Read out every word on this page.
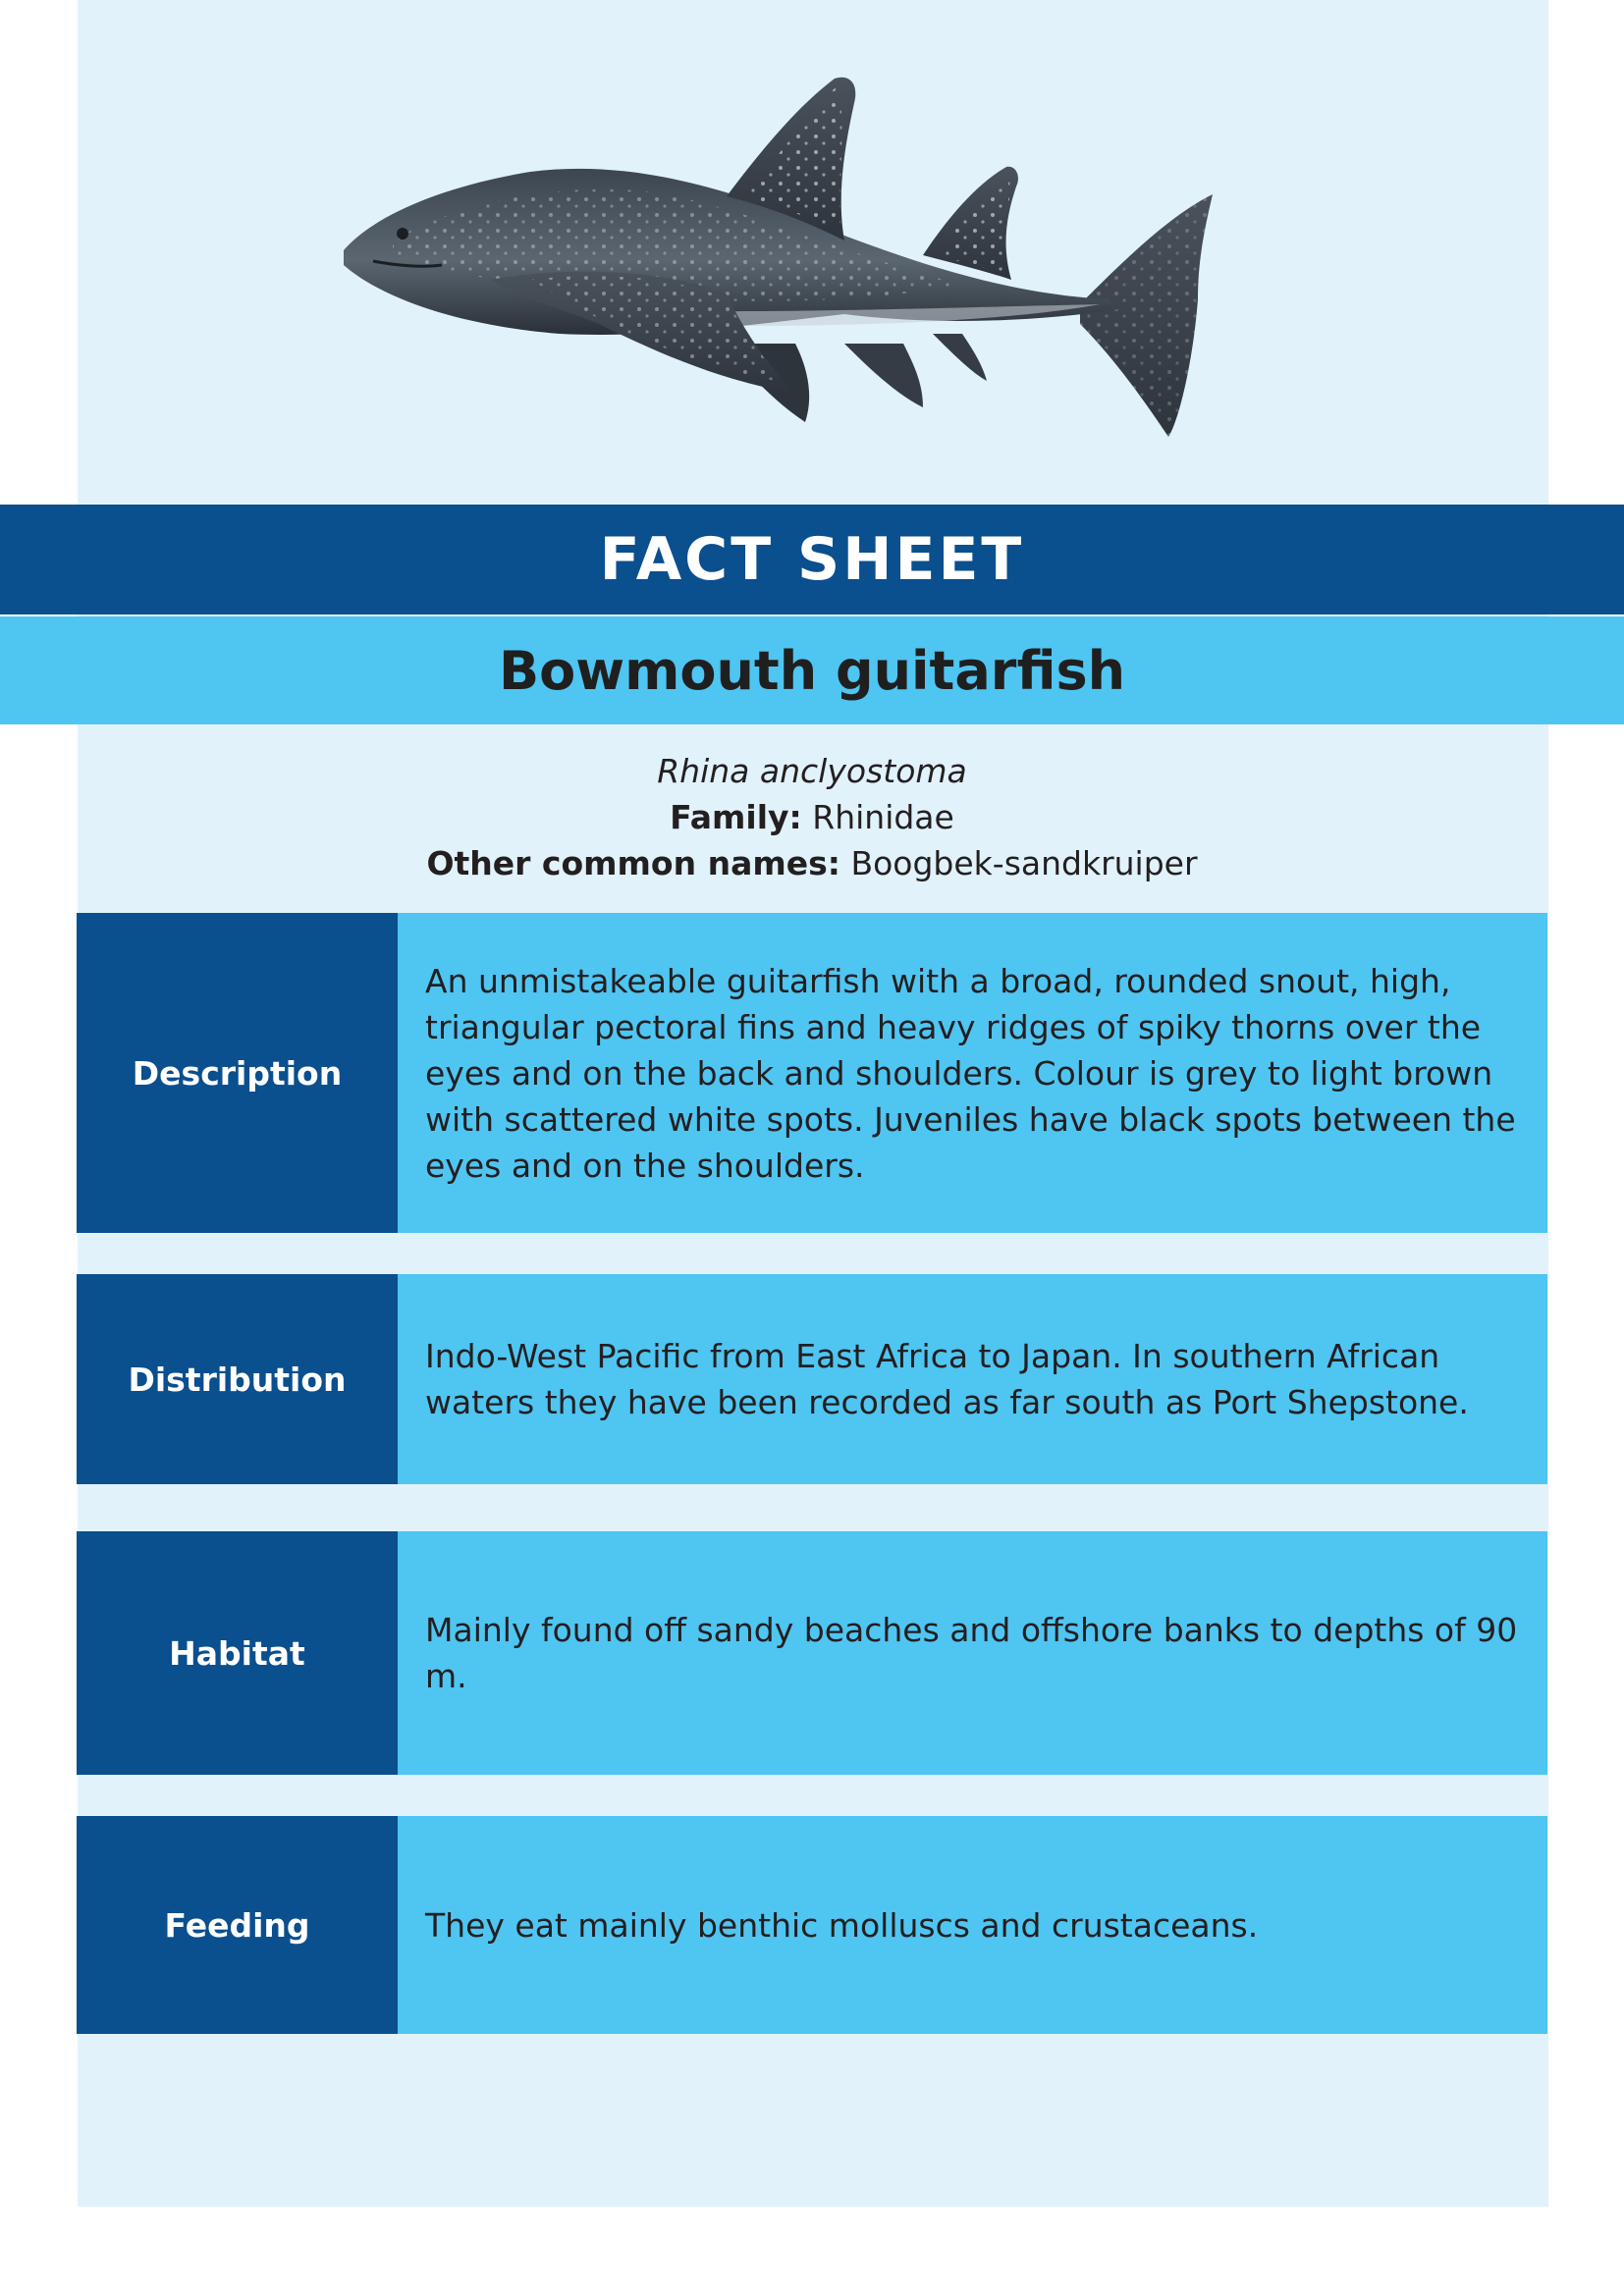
FACT SHEET
Bowmouth guitarfish
Rhina anclyostoma
Family: Rhinidae
Other common names: Boogbek-sandkruiper
Description

An unmistakeable guitarfish with a broad, rounded snout, high, triangular pectoral fins and heavy ridges of spiky thorns over the eyes and on the back and shoulders. Colour is grey to light brown with scattered white spots. Juveniles have black spots between the eyes and on the shoulders.

Distribution

Indo-West Pacific from East Africa to Japan. In southern African waters they have been recorded as far south as Port Shepstone.

Habitat

Mainly found off sandy beaches and offshore banks to depths of 90 m.

Feeding	They eat mainly benthic molluscs and crustaceans.
